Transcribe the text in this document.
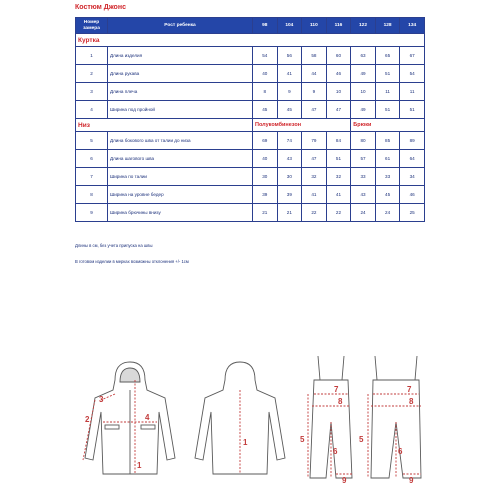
Костюм Джонс
Номер замера	Рост ребенка	98	104	110	116	122	128	134
Куртка								
1	Длина изделия	54	56	58	60	63	65	67
2	Длина рукава	40	41	44	46	49	51	54
3	Длина плеча	8	9	9	10	10	11	11
4	Ширина под пройной	45	45	47	47	49	51	51
Низ		Полукомбинезон				Брюки		
5	Длина бокового шва от талии до низа	69	74	79	84	80	85	89
6	Длина шагового шва	40	43	47	51	57	61	64
7	Ширина по талии	30	30	32	32	33	33	34
8	Ширина на уровне бедер	39	39	41	41	43	45	46
9	Ширина брючины внизу	21	21	22	22	24	24	25
Длины в см, без учета припуска на швы
В готовом изделии в мерках возможны отклонения +/- 1см
2
3
4
1
1
7
8
5
6
9
7
8
5
6
9
